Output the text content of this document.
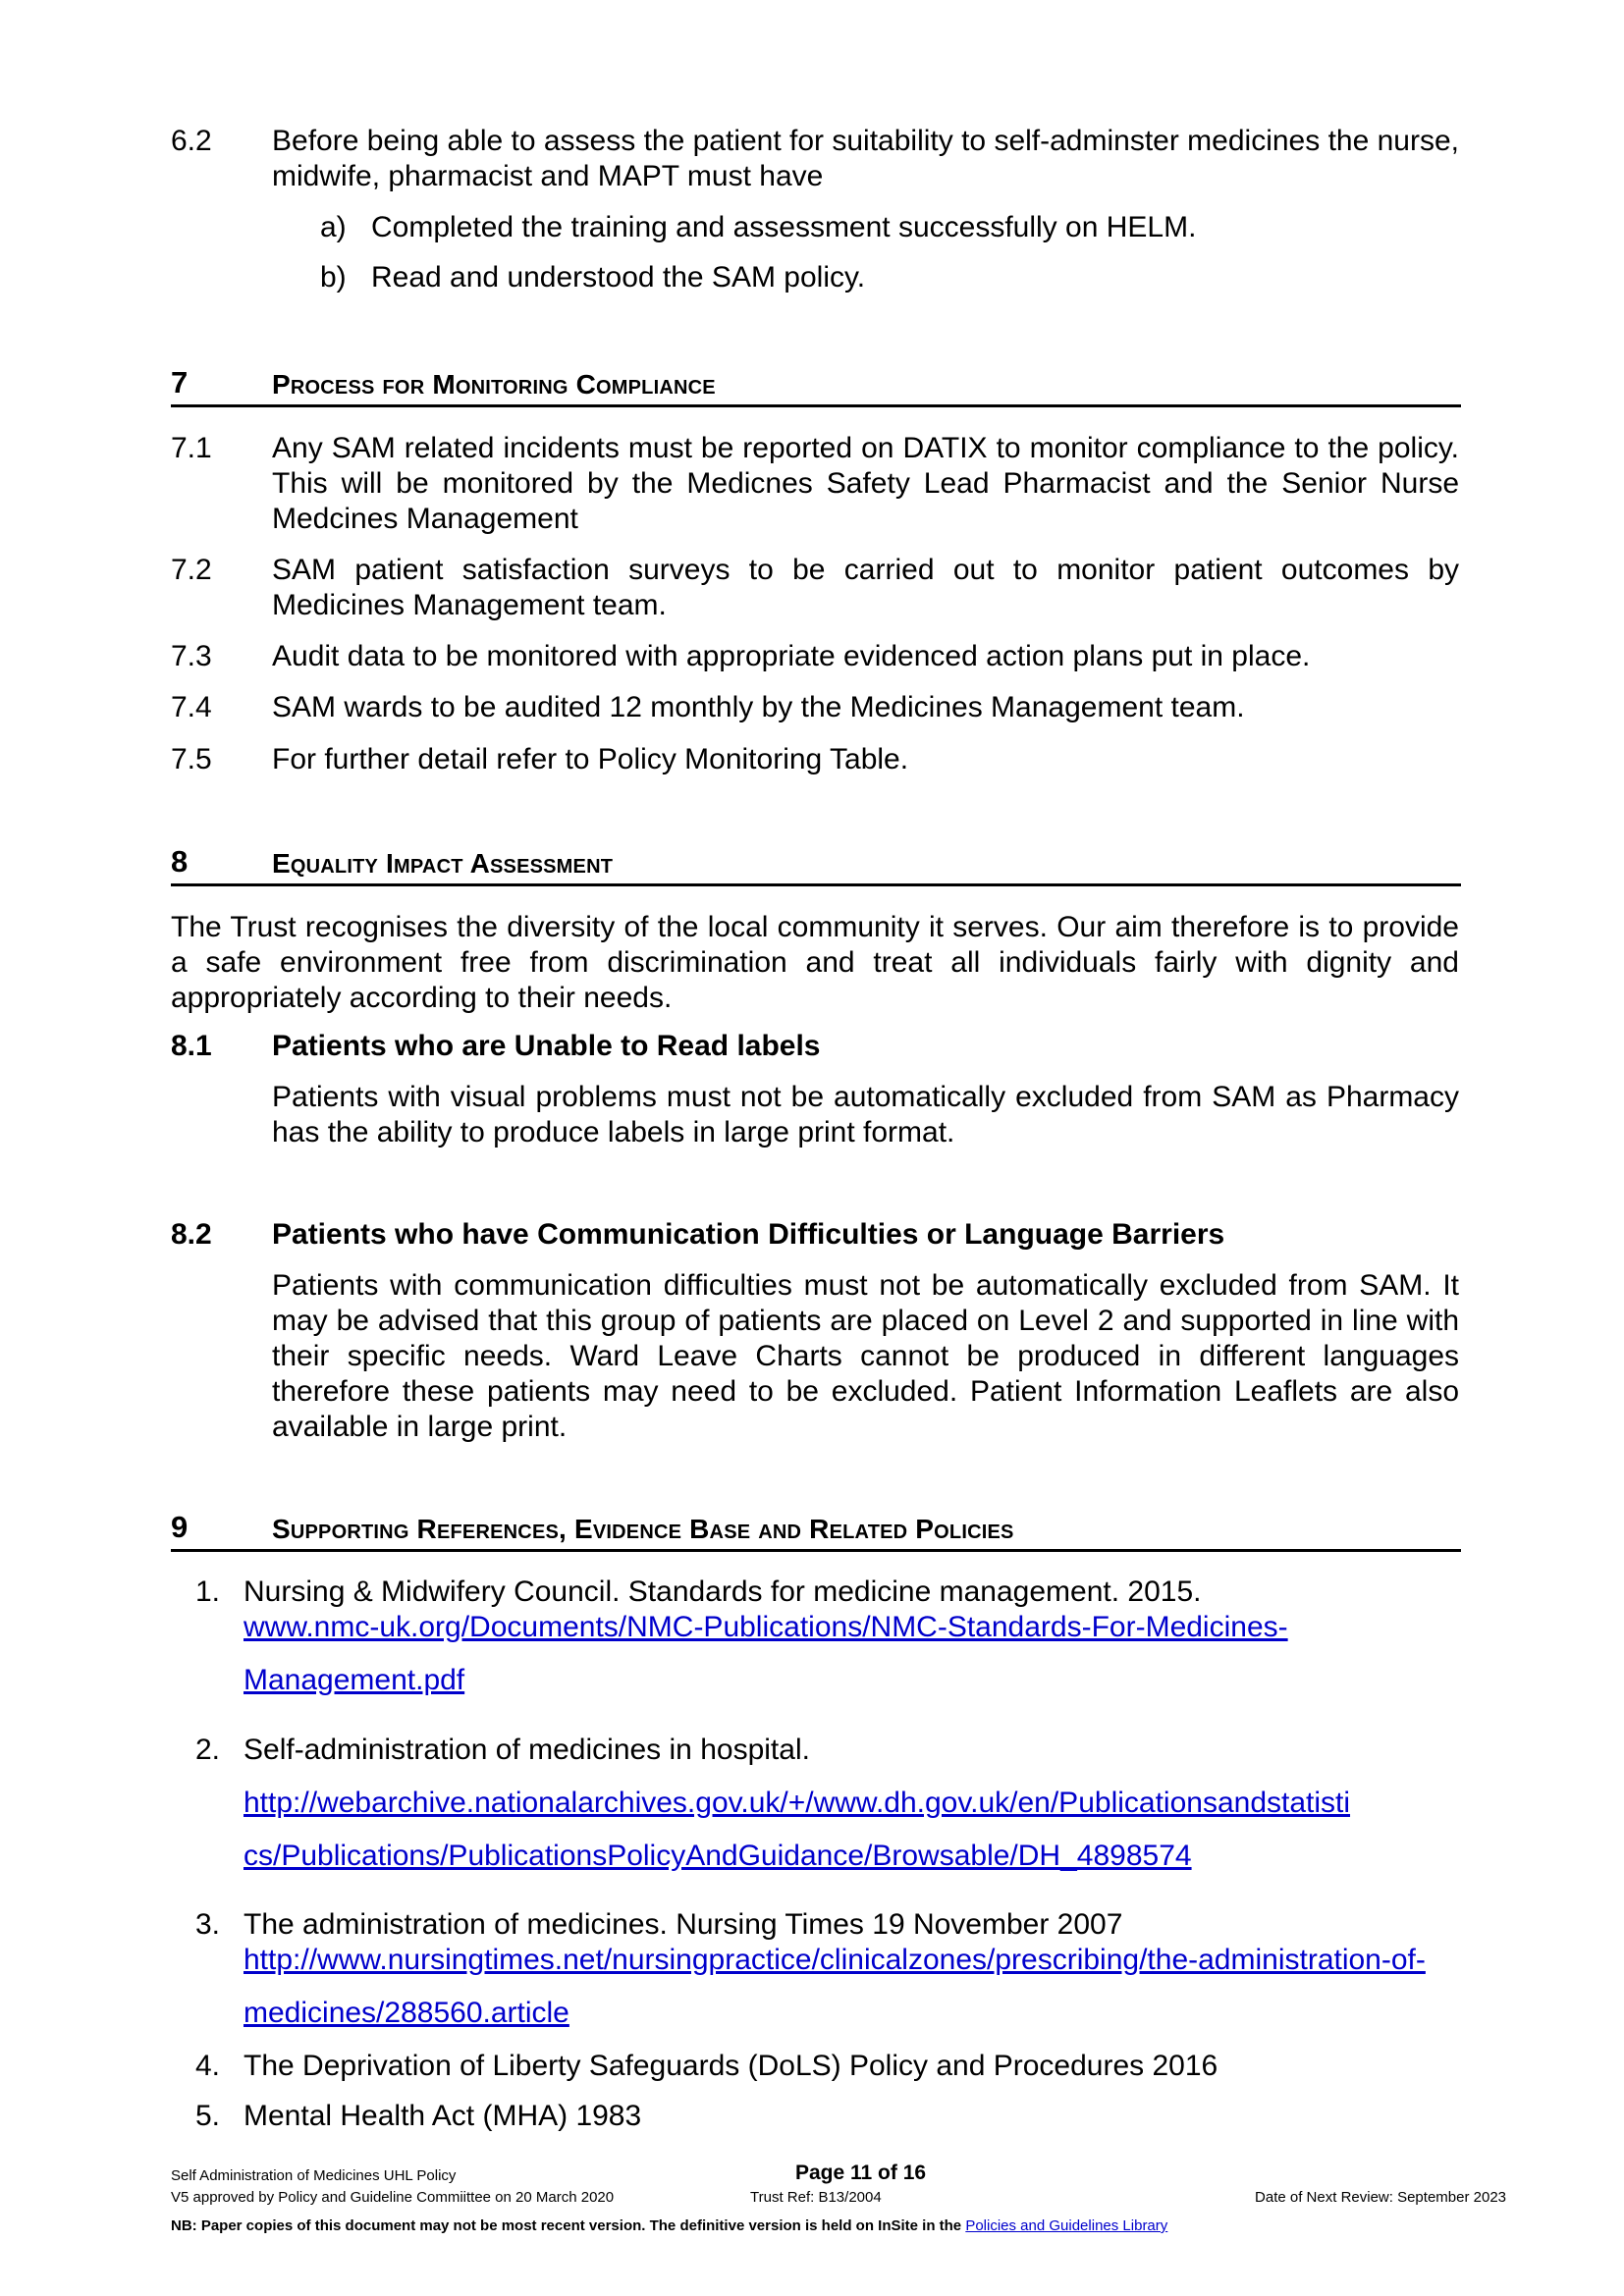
6.2 Before being able to assess the patient for suitability to self-adminster medicines the nurse, midwife, pharmacist and MAPT must have
a) Completed the training and assessment successfully on HELM.
b) Read and understood the SAM policy.
7	Process for Monitoring Compliance
7.1 Any SAM related incidents must be reported on DATIX to monitor compliance to the policy. This will be monitored by the Medicnes Safety Lead Pharmacist and the Senior Nurse Medcines Management
7.2 SAM patient satisfaction surveys to be carried out to monitor patient outcomes by Medicines Management team.
7.3 Audit data to be monitored with appropriate evidenced action plans put in place.
7.4 SAM wards to be audited 12 monthly by the Medicines Management team.
7.5 For further detail refer to Policy Monitoring Table.
8	Equality Impact Assessment
The Trust recognises the diversity of the local community it serves. Our aim therefore is to provide a safe environment free from discrimination and treat all individuals fairly with dignity and appropriately according to their needs.
8.1 Patients who are Unable to Read labels
Patients with visual problems must not be automatically excluded from SAM as Pharmacy has the ability to produce labels in large print format.
8.2 Patients who have Communication Difficulties or Language Barriers
Patients with communication difficulties must not be automatically excluded from SAM. It may be advised that this group of patients are placed on Level 2 and supported in line with their specific needs. Ward Leave Charts cannot be produced in different languages therefore these patients may need to be excluded. Patient Information Leaflets are also available in large print.
9	Supporting References, Evidence Base and Related Policies
1. Nursing & Midwifery Council. Standards for medicine management. 2015.
www.nmc-uk.org/Documents/NMC-Publications/NMC-Standards-For-Medicines-
Management.pdf
2. Self-administration of medicines in hospital.
http://webarchive.nationalarchives.gov.uk/+/www.dh.gov.uk/en/Publicationsandstatisti
cs/Publications/PublicationsPolicyAndGuidance/Browsable/DH_4898574
3. The administration of medicines. Nursing Times 19 November 2007
http://www.nursingtimes.net/nursingpractice/clinicalzones/prescribing/the-administration-of-
medicines/288560.article
4. The Deprivation of Liberty Safeguards (DoLS) Policy and Procedures 2016
5. Mental Health Act (MHA) 1983
Self Administration of Medicines UHL Policy	Page 11 of 16
V5 approved by Policy and Guideline Commiittee on 20 March 2020	Trust Ref: B13/2004	Date of Next Review: September 2023
NB: Paper copies of this document may not be most recent version. The definitive version is held on InSite in the Policies and Guidelines Library
